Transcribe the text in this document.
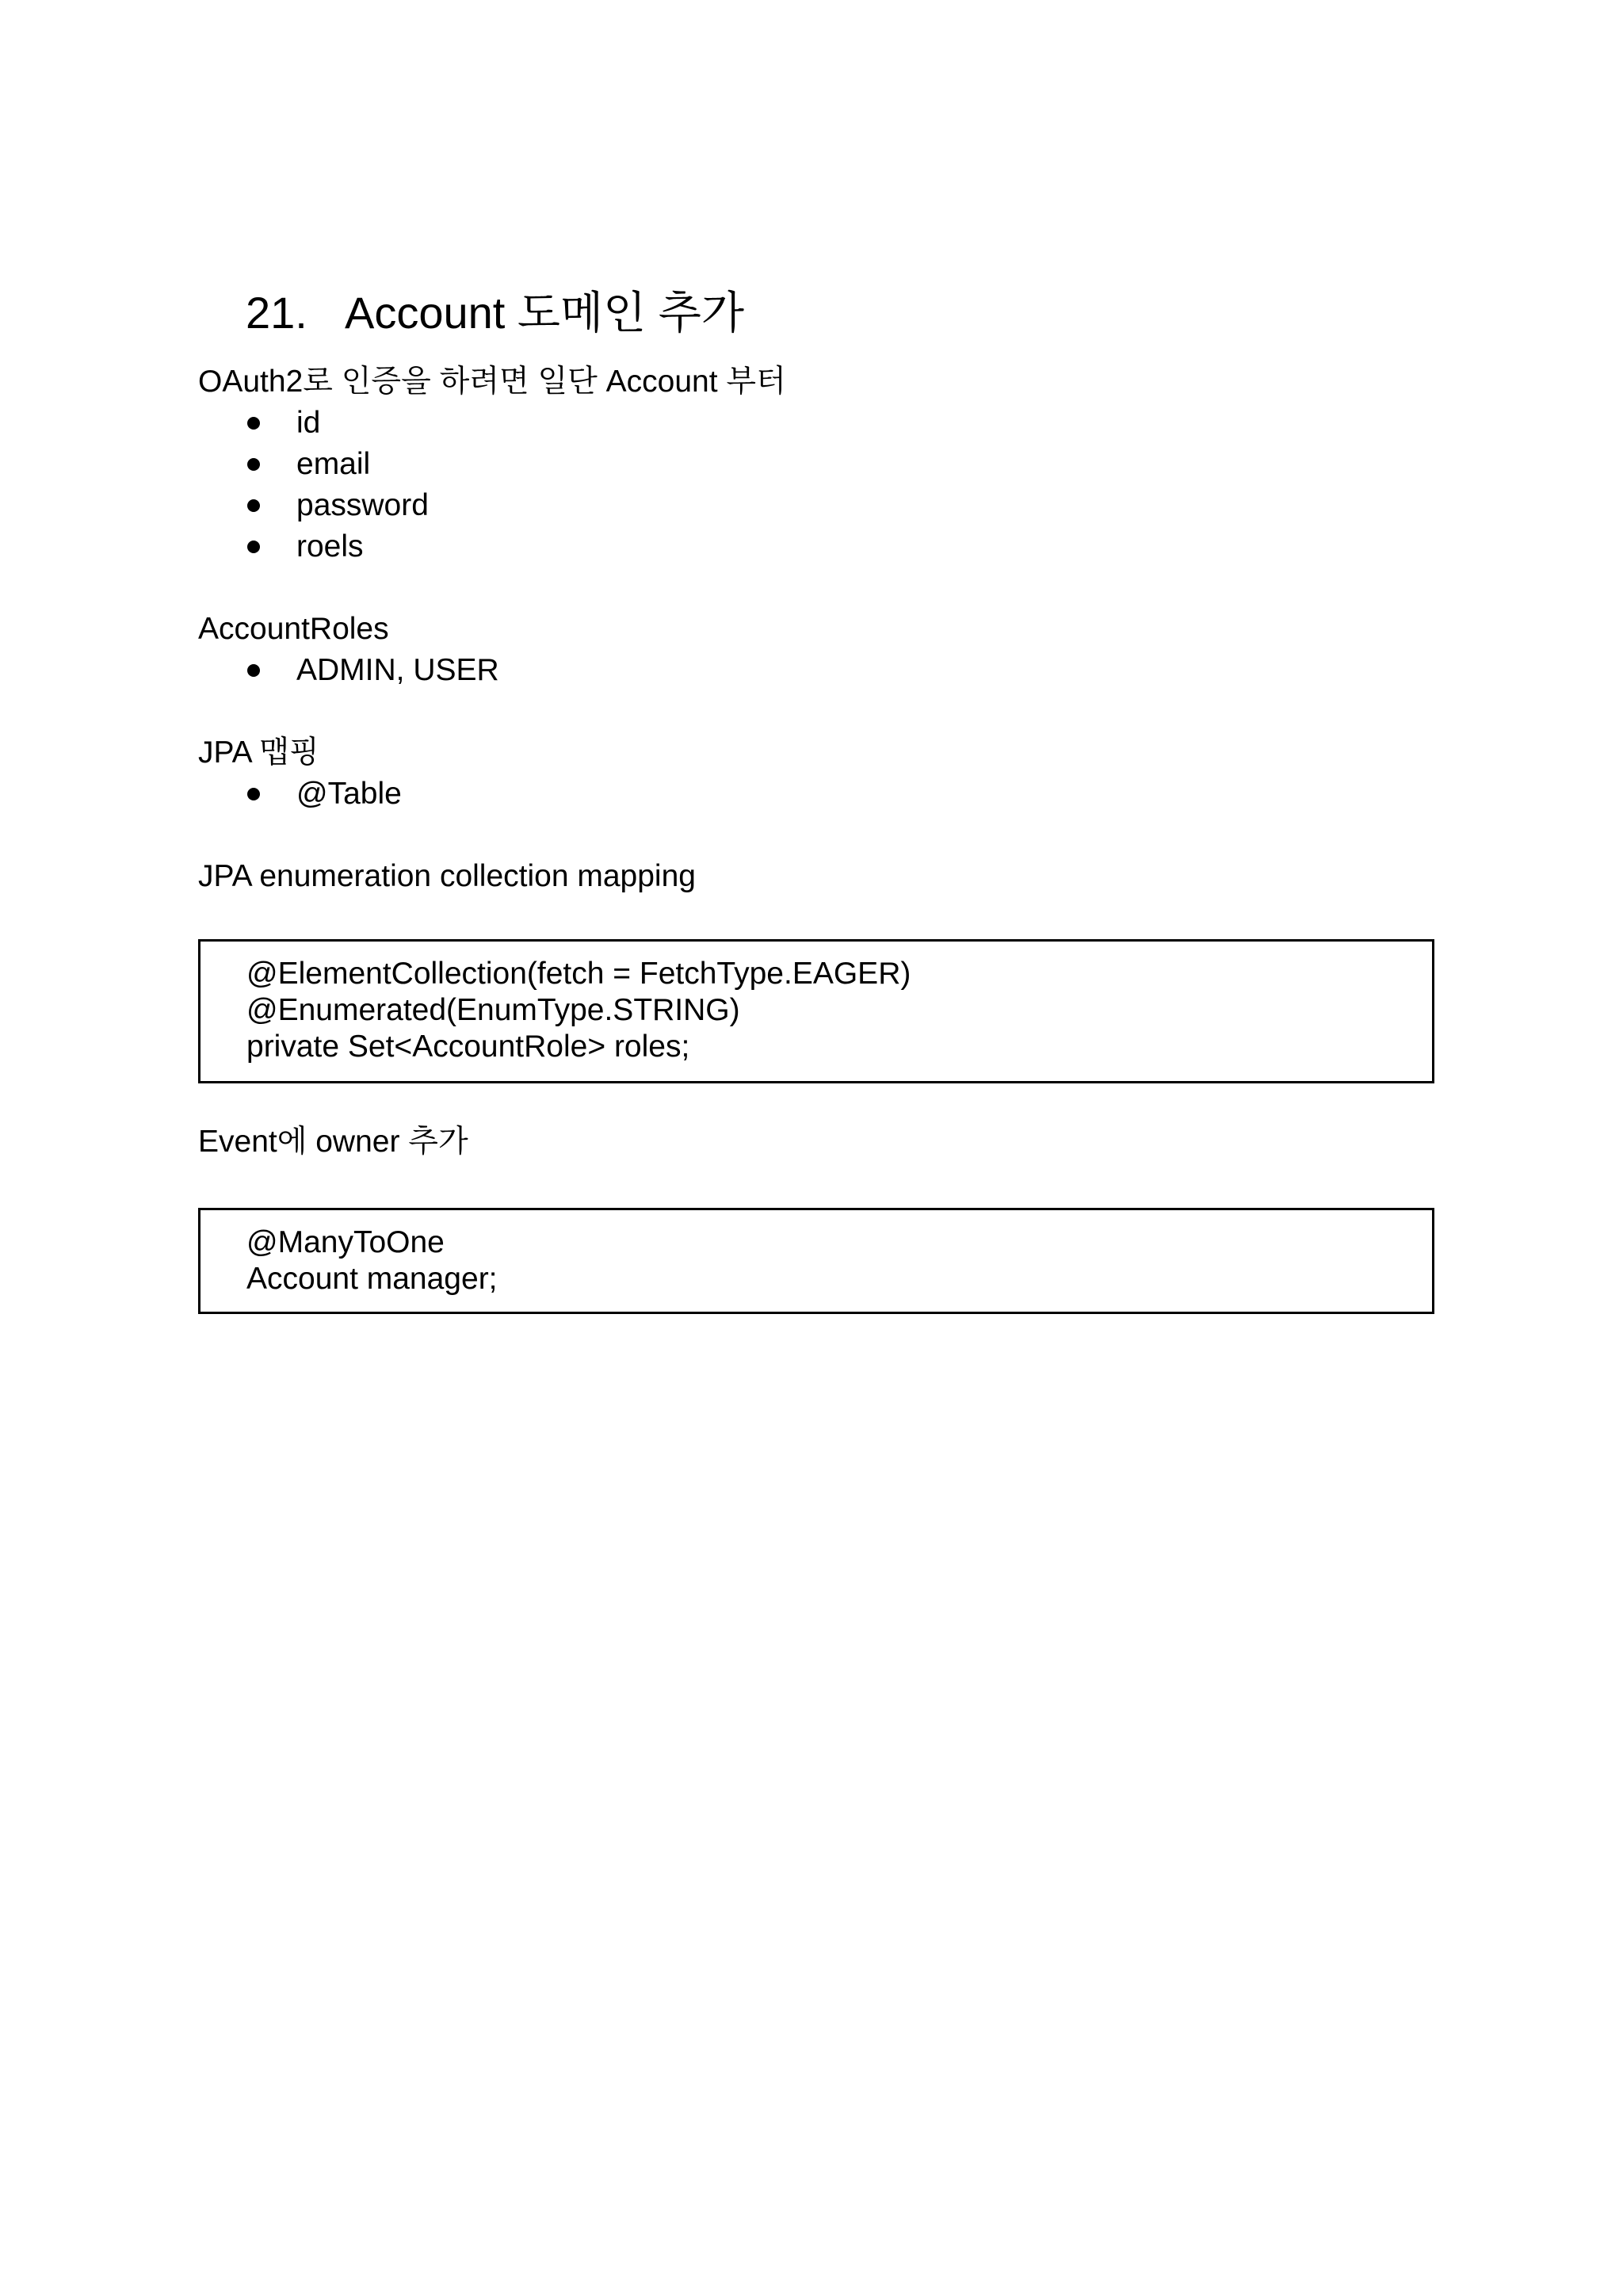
21. Account 도메인 추가
OAuth2로 인증을 하려면 일단 Account 부터
id
email
password
roels
AccountRoles
ADMIN, USER
JPA 맵핑
@Table
JPA enumeration collection mapping
@ElementCollection(fetch = FetchType.EAGER)
@Enumerated(EnumType.STRING)
private Set<AccountRole> roles;
Event에 owner 추가
@ManyToOne
Account manager;
